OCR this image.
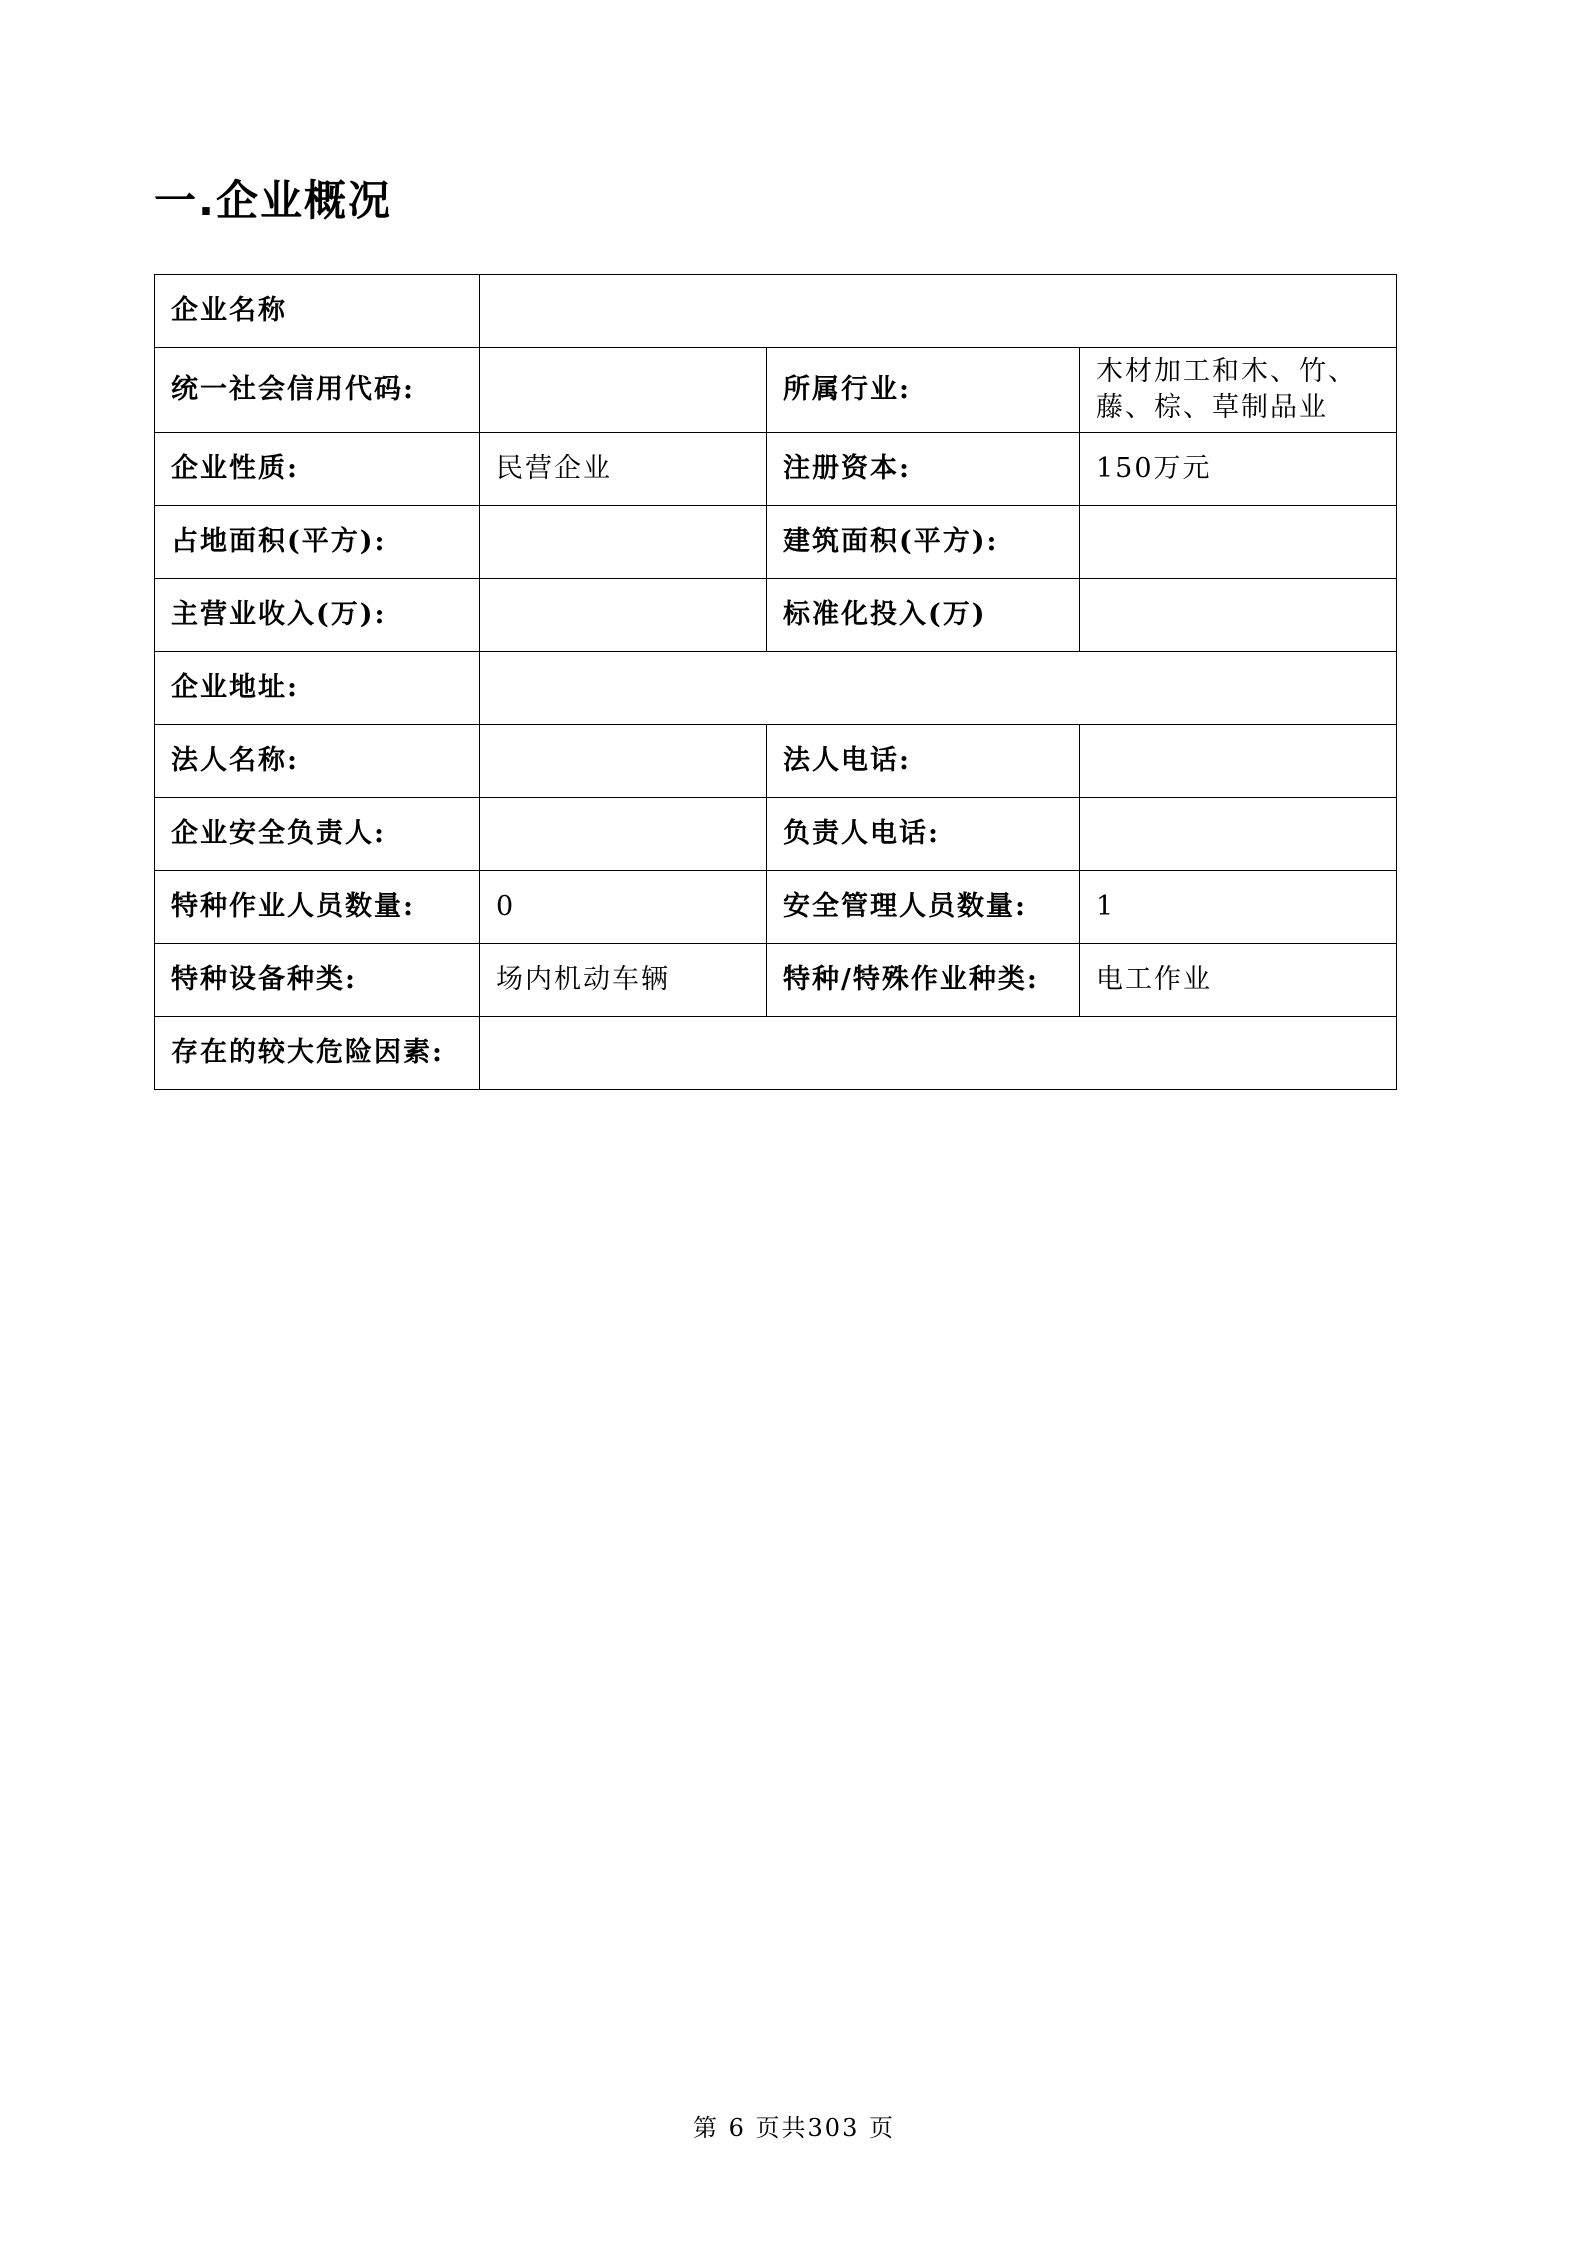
一.企业概况
企业名称			
统一社会信用代码:		所属行业:	木材加工和木、竹、藤、棕、草制品业
企业性质:	民营企业	注册资本:	150万元
占地面积(平方):		建筑面积(平方):	
主营业收入(万):		标准化投入(万)	
企业地址:			
法人名称:		法人电话:	
企业安全负责人:		负责人电话:	
特种作业人员数量:	0	安全管理人员数量:	1
特种设备种类:	场内机动车辆	特种/特殊作业种类:	电工作业
存在的较大危险因素:			
第 6 页共303 页
